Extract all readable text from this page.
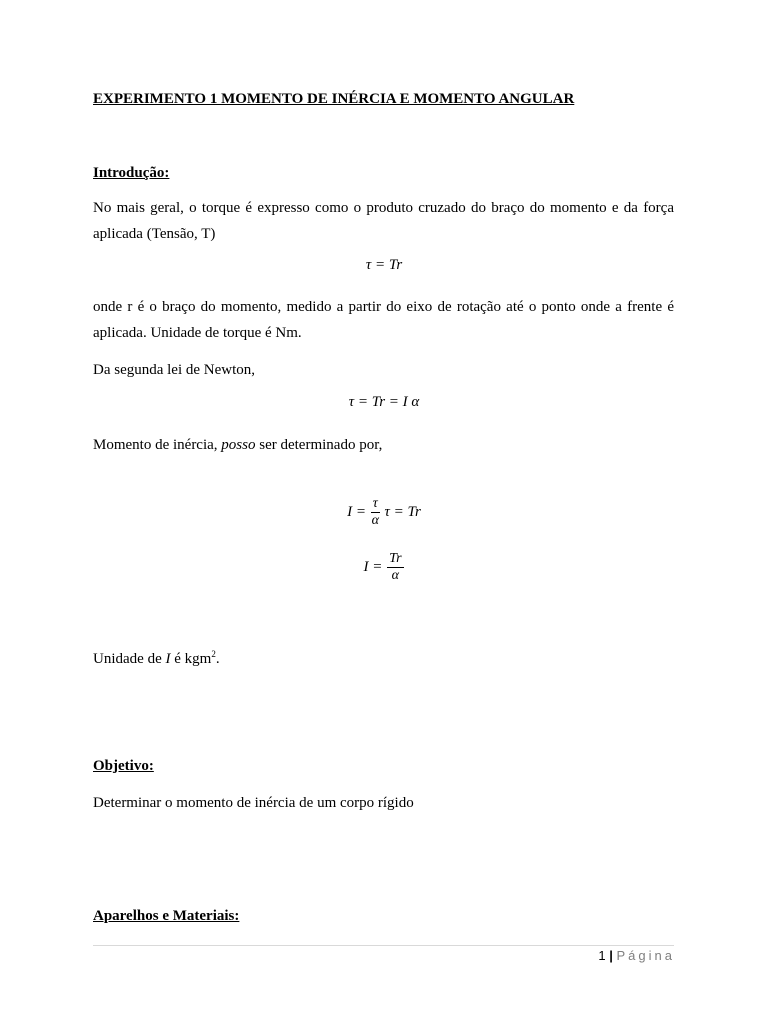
EXPERIMENTO 1 MOMENTO DE INÉRCIA E MOMENTO ANGULAR
Introdução:
No mais geral, o torque é expresso como o produto cruzado do braço do momento e da força aplicada (Tensão, T)
τ = Tr
onde r é o braço do momento, medido a partir do eixo de rotação até o ponto onde a frente é aplicada. Unidade de torque é Nm.
Da segunda lei de Newton,
τ = Tr = I α
Momento de inércia, posso ser determinado por,
$I = \frac{\tau}{\alpha}$ τ = Tr
$I = \frac{Tr}{\alpha}$
Unidade de I é kgm$^2$.
Objetivo:
Determinar o momento de inércia de um corpo rígido
Aparelhos e Materiais:
1 | Página
